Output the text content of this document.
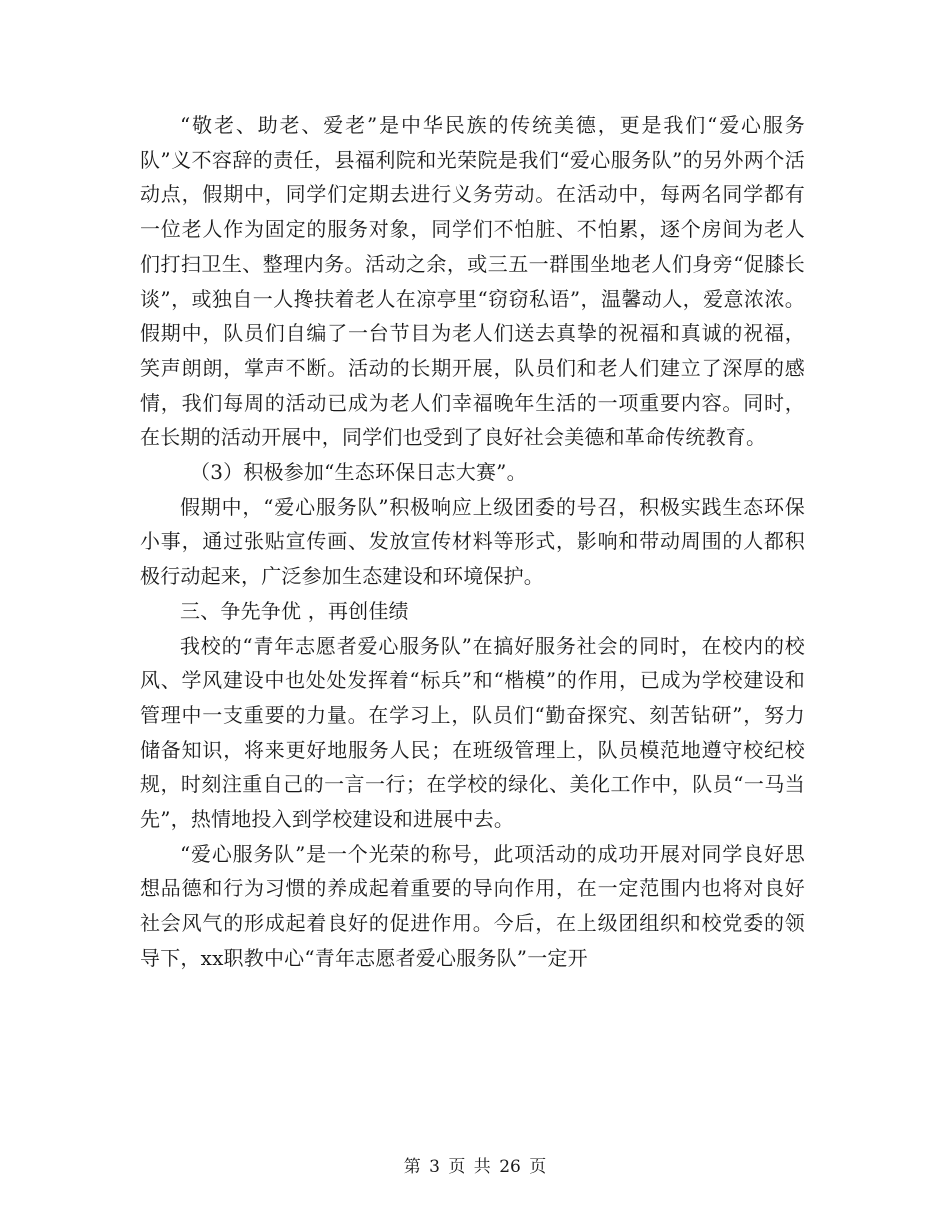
“敬老、助老、爱老”是中华民族的传统美德，更是我们“爱心服务队”义不容辞的责任，县福利院和光荣院是我们“爱心服务队”的另外两个活动点，假期中，同学们定期去进行义务劳动。在活动中，每两名同学都有一位老人作为固定的服务对象，同学们不怕脏、不怕累，逐个房间为老人们打扫卫生、整理内务。活动之余，或三五一群围坐地老人们身旁“促膝长谈”，或独自一人搀扶着老人在凉亭里“窃窃私语”，温馨动人，爱意浓浓。假期中，队员们自编了一台节目为老人们送去真挚的祝福和真诚的祝福，笑声朗朗，掌声不断。活动的长期开展，队员们和老人们建立了深厚的感情，我们每周的活动已成为老人们幸福晚年生活的一项重要内容。同时，在长期的活动开展中，同学们也受到了良好社会美德和革命传统教育。

（3）积极参加“生态环保日志大赛”。

假期中，“爱心服务队”积极响应上级团委的号召，积极实践生态环保小事，通过张贴宣传画、发放宣传材料等形式，影响和带动周围的人都积极行动起来，广泛参加生态建设和环境保护。

三、争先争优 ，再创佳绩

我校的“青年志愿者爱心服务队”在搞好服务社会的同时，在校内的校风、学风建设中也处处发挥着“标兵”和“楷模”的作用，已成为学校建设和管理中一支重要的力量。在学习上，队员们“勤奋探究、刻苦钻研”，努力储备知识，将来更好地服务人民；在班级管理上，队员模范地遵守校纪校规，时刻注重自己的一言一行；在学校的绿化、美化工作中，队员“一马当先”，热情地投入到学校建设和进展中去。

“爱心服务队”是一个光荣的称号，此项活动的成功开展对同学良好思想品德和行为习惯的养成起着重要的导向作用，在一定范围内也将对良好社会风气的形成起着良好的促进作用。今后，在上级团组织和校党委的领导下，xx职教中心“青年志愿者爱心服务队”一定开

第 3 页 共 26 页
